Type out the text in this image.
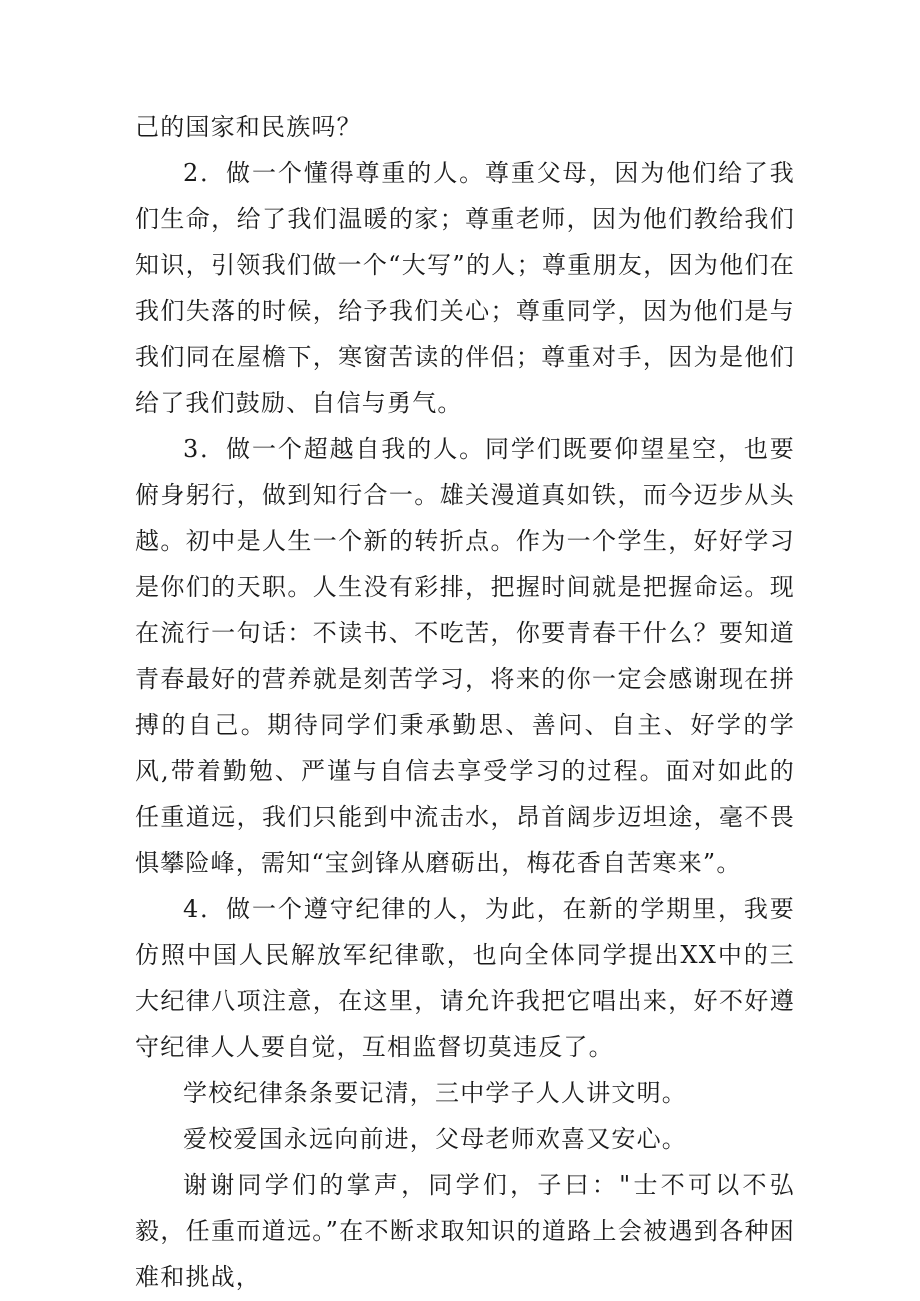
己的国家和民族吗？

2．做一个懂得尊重的人。尊重父母，因为他们给了我们生命，给了我们温暖的家；尊重老师，因为他们教给我们知识，引领我们做一个“大写”的人；尊重朋友，因为他们在我们失落的时候，给予我们关心；尊重同学，因为他们是与我们同在屋檐下，寒窗苦读的伴侣；尊重对手，因为是他们给了我们鼓励、自信与勇气。

3．做一个超越自我的人。同学们既要仰望星空，也要俯身躬行，做到知行合一。雄关漫道真如铁，而今迈步从头越。初中是人生一个新的转折点。作为一个学生，好好学习是你们的天职。人生没有彩排，把握时间就是把握命运。现在流行一句话：不读书、不吃苦，你要青春干什么？要知道青春最好的营养就是刻苦学习，将来的你一定会感谢现在拼搏的自己。期待同学们秉承勤思、善问、自主、好学的学风,带着勤勉、严谨与自信去享受学习的过程。面对如此的任重道远，我们只能到中流击水，昂首阔步迈坦途，毫不畏惧攀险峰，需知“宝剑锋从磨砺出，梅花香自苦寒来”。

4．做一个遵守纪律的人，为此，在新的学期里，我要仿照中国人民解放军纪律歌，也向全体同学提出XX中的三大纪律八项注意，在这里，请允许我把它唱出来，好不好遵守纪律人人要自觉，互相监督切莫违反了。

学校纪律条条要记清，三中学子人人讲文明。

爱校爱国永远向前进，父母老师欢喜又安心。

谢谢同学们的掌声，同学们，子曰："士不可以不弘毅，任重而道远。”在不断求取知识的道路上会被遇到各种困难和挑战，
